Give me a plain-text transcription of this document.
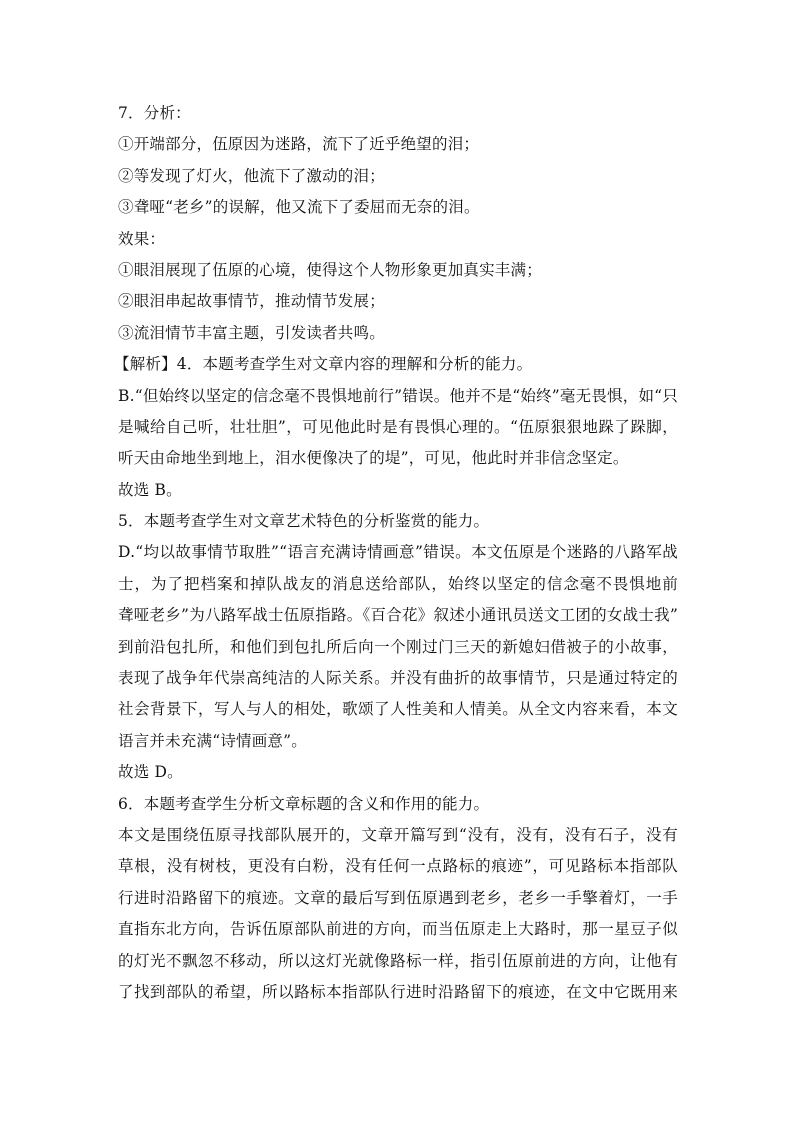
7．分析：
①开端部分，伍原因为迷路，流下了近乎绝望的泪；
②等发现了灯火，他流下了激动的泪；
③聋哑“老乡”的误解，他又流下了委屈而无奈的泪。
效果：
①眼泪展现了伍原的心境，使得这个人物形象更加真实丰满；
②眼泪串起故事情节，推动情节发展；
③流泪情节丰富主题，引发读者共鸣。
【解析】4．本题考查学生对文章内容的理解和分析的能力。
B.“但始终以坚定的信念毫不畏惧地前行”错误。他并不是“始终”毫无畏惧，如“只
是喊给自己听，壮壮胆”，可见他此时是有畏惧心理的。“伍原狠狠地跺了跺脚，
听天由命地坐到地上，泪水便像决了的堤”，可见，他此时并非信念坚定。
故选 B。
5．本题考查学生对文章艺术特色的分析鉴赏的能力。
D.“均以故事情节取胜”“语言充满诗情画意”错误。本文伍原是个迷路的八路军战
士，为了把档案和掉队战友的消息送给部队，始终以坚定的信念毫不畏惧地前
聋哑老乡”为八路军战士伍原指路。《百合花》叙述小通讯员送文工团的女战士我”
到前沿包扎所，和他们到包扎所后向一个刚过门三天的新媳妇借被子的小故事，
表现了战争年代崇高纯洁的人际关系。并没有曲折的故事情节，只是通过特定的
社会背景下，写人与人的相处，歌颂了人性美和人情美。从全文内容来看，本文
语言并未充满“诗情画意”。
故选 D。
6．本题考查学生分析文章标题的含义和作用的能力。
本文是围绕伍原寻找部队展开的，文章开篇写到“没有，没有，没有石子，没有
草根，没有树枝，更没有白粉，没有任何一点路标的痕迹”，可见路标本指部队
行进时沿路留下的痕迹。文章的最后写到伍原遇到老乡，老乡一手擎着灯，一手
直指东北方向，告诉伍原部队前进的方向，而当伍原走上大路时，那一星豆子似
的灯光不飘忽不移动，所以这灯光就像路标一样，指引伍原前进的方向，让他有
了找到部队的希望，所以路标本指部队行进时沿路留下的痕迹，在文中它既用来
